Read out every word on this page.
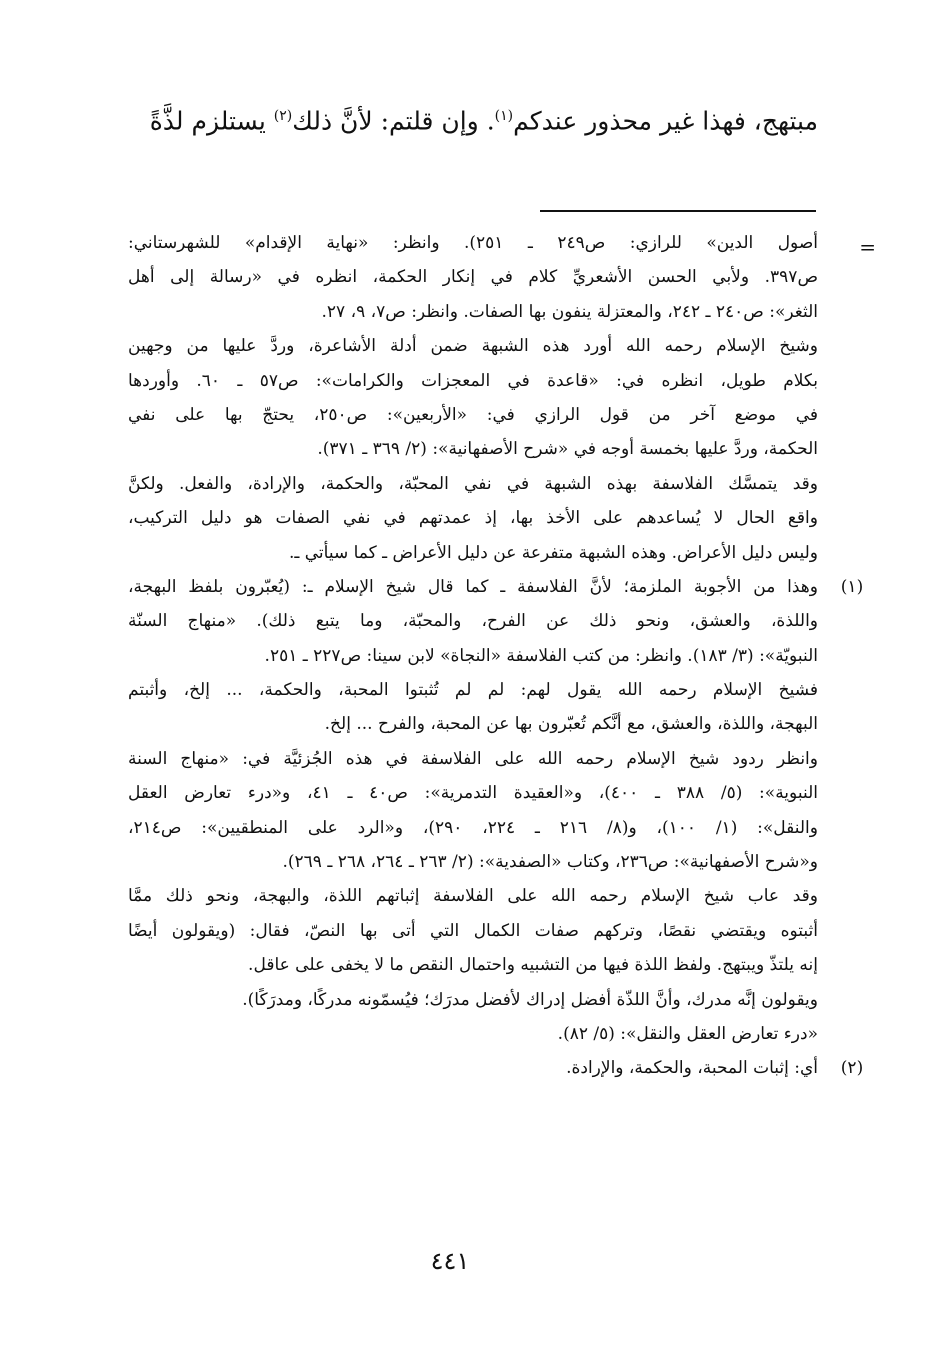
مبتهج، فهذا غير محذور عندكم$^{(١)}$. وإن قلتم: لأنَّ ذلك$^{(٢)}$ يستلزم لذَّةً
=
أصول الدين» للرازي: ص٢٤٩ ـ ٢٥١). وانظر: «نهاية الإقدام» للشهرستاني:
ص٣٩٧. ولأبي الحسن الأشعريِّ كلام في إنكار الحكمة، انظره في «رسالة إلى أهل
الثغر»: ص٢٤٠ ـ ٢٤٢، والمعتزلة ينفون بها الصفات. وانظر: ص٧، ٩، ٢٧.
وشيخ الإسلام رحمه الله أورد هذه الشبهة ضمن أدلة الأشاعرة، وردَّ عليها من وجهين
بكلام طويل، انظره في: «قاعدة في المعجزات والكرامات»: ص٥٧ ـ ٦٠. وأوردها
في موضع آخر من قول الرازي في: «الأربعين»: ص٢٥٠، يحتجّ بها على نفي
الحكمة، وردَّ عليها بخمسة أوجه في «شرح الأصفهانية»: (٢/ ٣٦٩ ـ ٣٧١).
وقد يتمسَّك الفلاسفة بهذه الشبهة في نفي المحبّة، والحكمة، والإرادة، والفعل. ولكنَّ
واقع الحال لا يُساعدهم على الأخذ بها، إذ عمدتهم في نفي الصفات هو دليل التركيب،
وليس دليل الأعراض. وهذه الشبهة متفرعة عن دليل الأعراض ـ كما سيأتي ـ.
(١)
وهذا من الأجوبة الملزمة؛ لأنَّ الفلاسفة ـ كما قال شيخ الإسلام ـ: (يُعبّرون بلفظ البهجة،
واللذة، والعشق، ونحو ذلك عن الفرح، والمحبّة، وما يتبع ذلك). «منهاج السنّة
النبويّة»: (٣/ ١٨٣). وانظر: من كتب الفلاسفة «النجاة» لابن سينا: ص٢٢٧ ـ ٢٥١.
فشيخ الإسلام رحمه الله يقول لهم: لم لم تُثبتوا المحبة، والحكمة، ... إلخ، وأثبتم
البهجة، واللذة، والعشق، مع أنَّكم تُعبّرون بها عن المحبة، والفرح ... إلخ.
وانظر ردود شيخ الإسلام رحمه الله على الفلاسفة في هذه الجُزئيَّة في: «منهاج السنة
النبوية»: (٥/ ٣٨٨ ـ ٤٠٠)، و«العقيدة التدمرية»: ص٤٠ ـ ٤١، و«درء تعارض العقل
والنقل»: (١/ ١٠٠)، و(٨/ ٢١٦ ـ ٢٢٤، ٢٩٠)، و«الرد على المنطقيين»: ص٢١٤،
و«شرح الأصفهانية»: ص٢٣٦، وكتاب «الصفدية»: (٢/ ٢٦٣ ـ ٢٦٤، ٢٦٨ ـ ٢٦٩).
وقد عاب شيخ الإسلام رحمه الله على الفلاسفة إثباتهم اللذة، والبهجة، ونحو ذلك ممَّا
أثبتوه ويقتضي نقصًا، وتركهم صفات الكمال التي أتى بها النصّ، فقال: (ويقولون أيضًا
إنه يلتذّ ويبتهج. ولفظ اللذة فيها من التشبيه واحتمال النقص ما لا يخفى على عاقل.
ويقولون إنَّه مدرك، وأنَّ اللذّة أفضل إدراك لأفضل مدرَك؛ فيُسمّونه مدركًا، ومدرَكًا).
«درء تعارض العقل والنقل»: (٥/ ٨٢).
(٢)
أي: إثبات المحبة، والحكمة، والإرادة.
٤٤١
